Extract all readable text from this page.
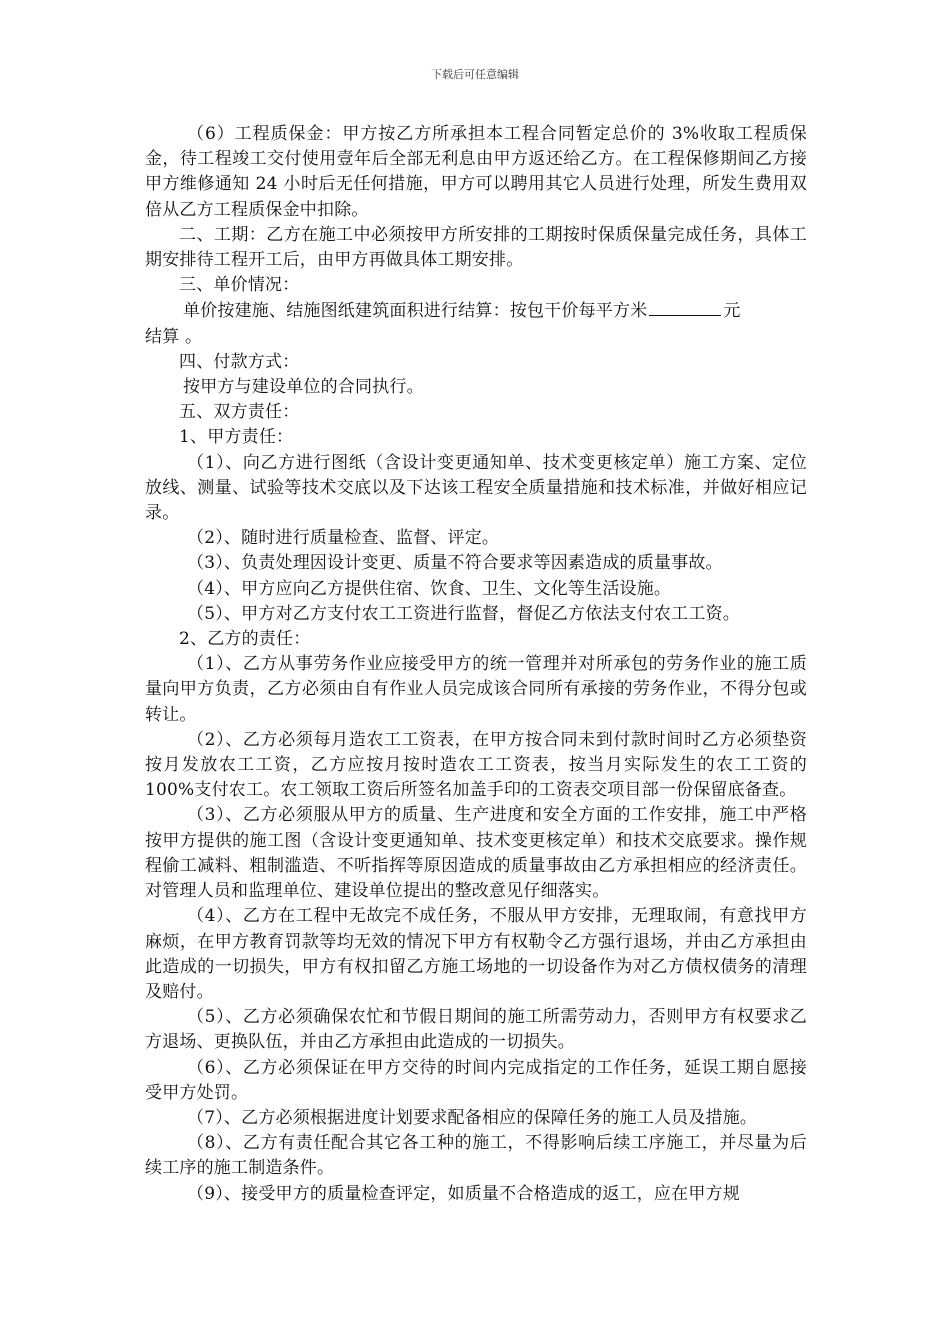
下载后可任意编辑

（6）工程质保金：甲方按乙方所承担本工程合同暂定总价的 3%收取工程质保金，待工程竣工交付使用壹年后全部无利息由甲方返还给乙方。在工程保修期间乙方接甲方维修通知 24 小时后无任何措施，甲方可以聘用其它人员进行处理，所发生费用双倍从乙方工程质保金中扣除。

二、工期：乙方在施工中必须按甲方所安排的工期按时保质保量完成任务，具体工期安排待工程开工后，由甲方再做具体工期安排。

三、单价情况：

单价按建施、结施图纸建筑面积进行结算：按包干价每平方米	元

结算 。

四、付款方式：

按甲方与建设单位的合同执行。

五、双方责任：

1、甲方责任：

（1）、向乙方进行图纸（含设计变更通知单、技术变更核定单）施工方案、定位放线、测量、试验等技术交底以及下达该工程安全质量措施和技术标准，并做好相应记录。

（2）、随时进行质量检查、监督、评定。

（3）、负责处理因设计变更、质量不符合要求等因素造成的质量事故。

（4）、甲方应向乙方提供住宿、饮食、卫生、文化等生活设施。

（5）、甲方对乙方支付农工工资进行监督，督促乙方依法支付农工工资。

2、乙方的责任：

（1）、乙方从事劳务作业应接受甲方的统一管理并对所承包的劳务作业的施工质量向甲方负责，乙方必须由自有作业人员完成该合同所有承接的劳务作业，不得分包或转让。

（2）、乙方必须每月造农工工资表，在甲方按合同未到付款时间时乙方必须垫资按月发放农工工资，乙方应按月按时造农工工资表，按当月实际发生的农工工资的 100%支付农工。农工领取工资后所签名加盖手印的工资表交项目部一份保留底备查。

（3）、乙方必须服从甲方的质量、生产进度和安全方面的工作安排，施工中严格按甲方提供的施工图（含设计变更通知单、技术变更核定单）和技术交底要求。操作规程偷工减料、粗制滥造、不听指挥等原因造成的质量事故由乙方承担相应的经济责任。对管理人员和监理单位、建设单位提出的整改意见仔细落实。

（4）、乙方在工程中无故完不成任务，不服从甲方安排，无理取闹，有意找甲方麻烦，在甲方教育罚款等均无效的情况下甲方有权勒令乙方强行退场，并由乙方承担由此造成的一切损失，甲方有权扣留乙方施工场地的一切设备作为对乙方债权债务的清理及赔付。

（5）、乙方必须确保农忙和节假日期间的施工所需劳动力，否则甲方有权要求乙方退场、更换队伍，并由乙方承担由此造成的一切损失。

（6）、乙方必须保证在甲方交待的时间内完成指定的工作任务，延误工期自愿接受甲方处罚。

（7）、乙方必须根据进度计划要求配备相应的保障任务的施工人员及措施。

（8）、乙方有责任配合其它各工种的施工，不得影响后续工序施工，并尽量为后续工序的施工制造条件。

（9）、接受甲方的质量检查评定，如质量不合格造成的返工，应在甲方规
